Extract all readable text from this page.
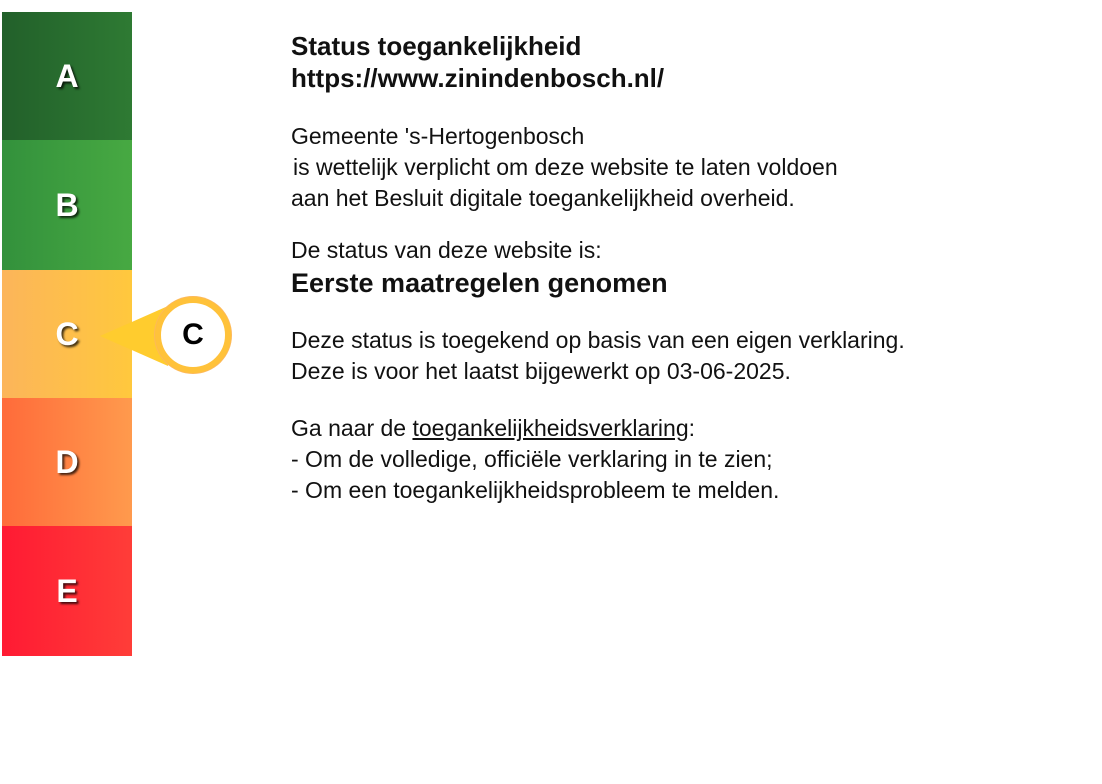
A
B
C
D
E
C
Status toegankelijkheid
https://www.zinindenbosch.nl/
Gemeente 's-Hertogenbosch
is wettelijk verplicht om deze website te laten voldoen
aan het Besluit digitale toegankelijkheid overheid.
De status van deze website is:
Eerste maatregelen genomen
Deze status is toegekend op basis van een eigen verklaring.
Deze is voor het laatst bijgewerkt op 03-06-2025.
Ga naar de toegankelijkheidsverklaring:
- Om de volledige, officiële verklaring in te zien;
- Om een toegankelijkheidsprobleem te melden.
